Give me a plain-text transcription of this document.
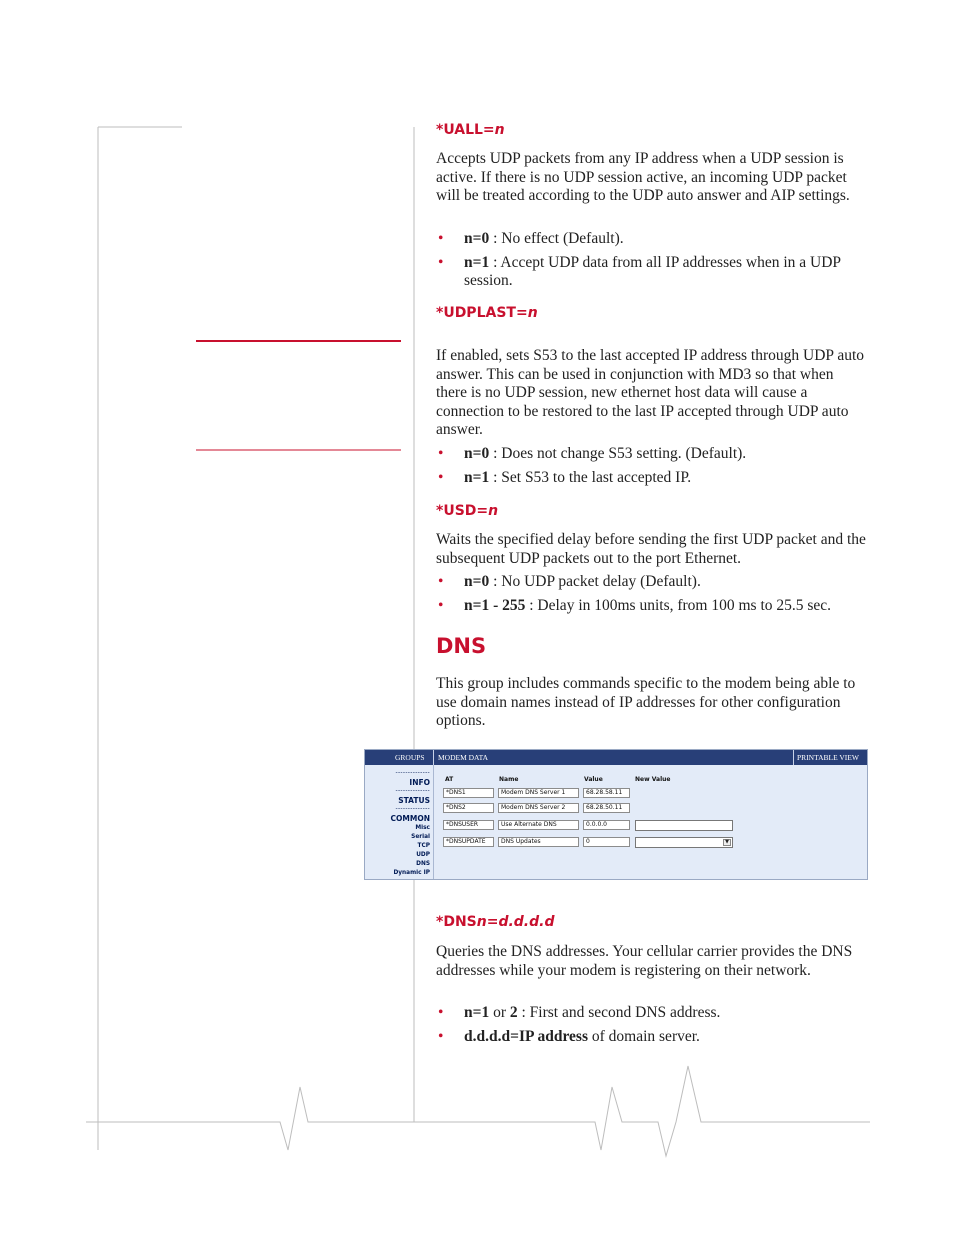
*UALL=n

Accepts UDP packets from any IP address when a UDP session is active. If there is no UDP session active, an incoming UDP packet will be treated according to the UDP auto answer and AIP settings.

• n=0 : No effect (Default).
• n=1 : Accept UDP data from all IP addresses when in a UDP session.
*UDPLAST=n

If enabled, sets S53 to the last accepted IP address through UDP auto answer. This can be used in conjunction with MD3 so that when there is no UDP session, new ethernet host data will cause a connection to be restored to the last IP accepted through UDP auto answer.

• n=0 : Does not change S53 setting. (Default).
• n=1 : Set S53 to the last accepted IP.
*USD=n

Waits the specified delay before sending the first UDP packet and the subsequent UDP packets out to the port Ethernet.

• n=0 : No UDP packet delay (Default).
• n=1 - 255 : Delay in 100ms units, from 100 ms to 25.5 sec.
DNS

This group includes commands specific to the modem being able to use domain names instead of IP addresses for other configuration options.

GROUPS MODEM DATA	PRINTABLE VIEW
--------------
INFO
--------------
STATUS
--------------
COMMON
Misc
Serial
TCP
UDP
DNS
Dynamic IP
AT	Name	Value	New Value
*DNS1	Modem DNS Server 1	68.28.58.11
*DNS2	Modem DNS Server 2	68.28.50.11
*DNSUSER	Use Alternate DNS	0.0.0.0
*DNSUPDATE	DNS Updates	0	▼
*DNSn=d.d.d.d

Queries the DNS addresses. Your cellular carrier provides the DNS addresses while your modem is registering on their network.

• n=1 or 2 : First and second DNS address.
• d.d.d.d=IP address of domain server.
